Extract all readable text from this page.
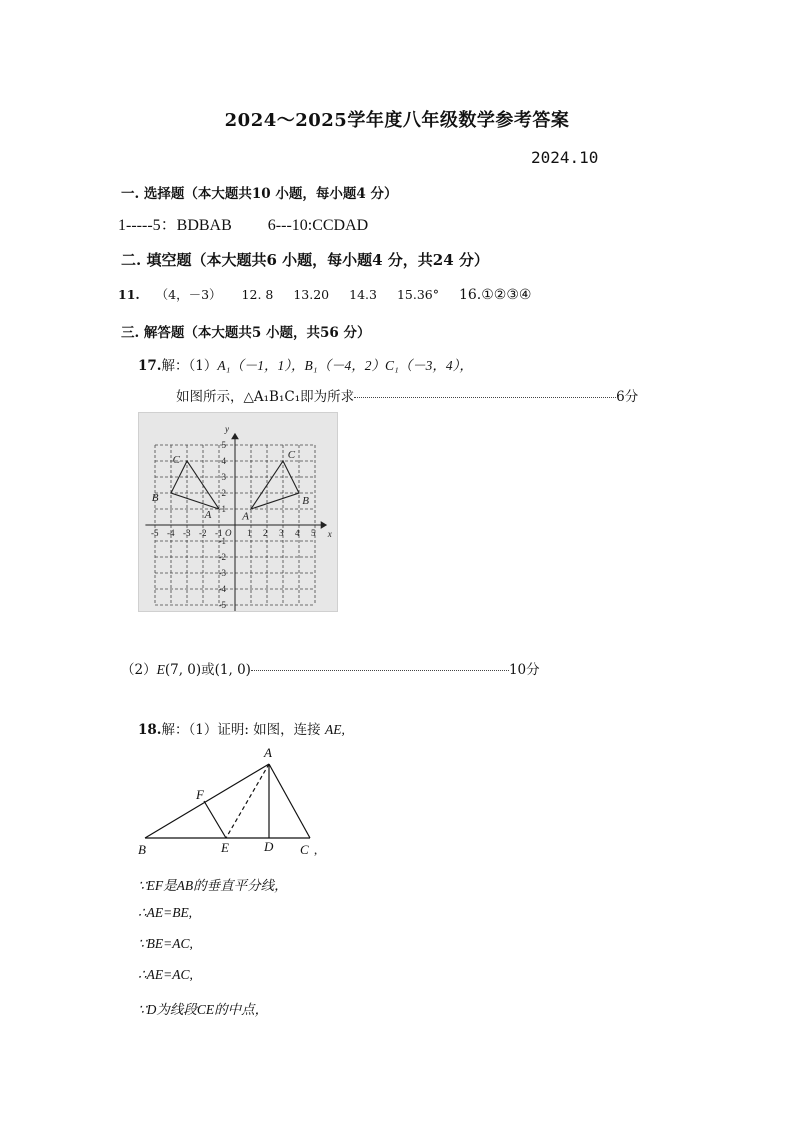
2024～2025学年度八年级数学参考答案
2024.10
一. 选择题（本大题共10 小题，每小题4 分）
1-----5：BDBAB 6---10:CCDAD
二. 填空题（本大题共6 小题，每小题4 分，共24 分）
11. （4，－3） 12. 8 13.20 14.3 15.36° 16.①②③④
三. 解答题（本大题共5 小题，共56 分）
17.解：（1）A₁（－1，1），B₁（－4，2）C₁（－3，4），
如图所示，△A₁B₁C₁即为所求	6分
-5 -4 -3 -2 -1	1 2 3 4 5
5
4
3
2
1
-1
-2
-3
-4
-5
O	x
y
C
B
A
C
B
A
（2）E(7, 0)或(1, 0)	10分
18.解：（1）证明: 如图，连接 AE,
A
B	C
D
E
F
,
∵EF是AB的垂直平分线，
∴AE=BE,
∵BE=AC,
∴AE=AC,
∵D为线段CE的中点，
